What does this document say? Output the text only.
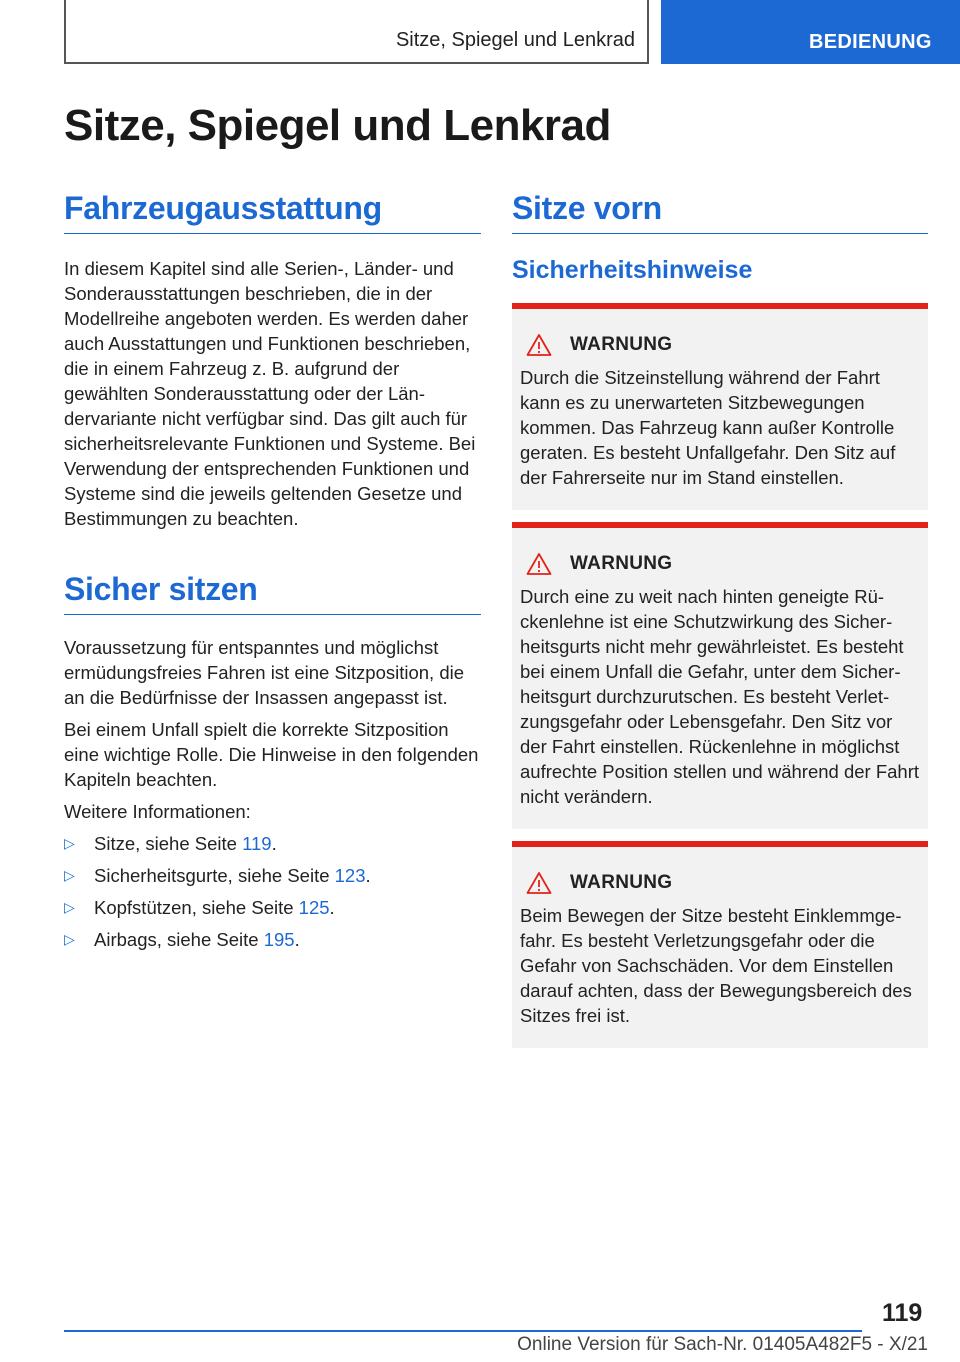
Sitze, Spiegel und Lenkrad	BEDIENUNG
Sitze, Spiegel und Lenkrad
Fahrzeugausstattung

In diesem Kapitel sind alle Serien-, Länder- und Sonderausstattungen beschrieben, die in der Modellreihe angeboten werden. Es werden daher auch Ausstattungen und Funktionen beschrieben, die in einem Fahrzeug z. B. aufgrund der gewählten Sonderausstattung oder der Ländervariante nicht verfügbar sind. Das gilt auch für sicherheitsrelevante Funktionen und Systeme. Bei Verwendung der entsprechenden Funktionen und Systeme sind die jeweils geltenden Gesetze und Bestimmungen zu beachten.

Sicher sitzen

Voraussetzung für entspanntes und möglichst ermüdungsfreies Fahren ist eine Sitzposition, die an die Bedürfnisse der Insassen angepasst ist.

Bei einem Unfall spielt die korrekte Sitzposition eine wichtige Rolle. Die Hinweise in den folgenden Kapiteln beachten.

Weitere Informationen:

▷ Sitze, siehe Seite 119.
▷ Sicherheitsgurte, siehe Seite 123.
▷ Kopfstützen, siehe Seite 125.
▷ Airbags, siehe Seite 195.
Sitze vorn
Sicherheitshinweise
WARNUNG

Durch die Sitzeinstellung während der Fahrt kann es zu unerwarteten Sitzbewegungen kommen. Das Fahrzeug kann außer Kontrolle geraten. Es besteht Unfallgefahr. Den Sitz auf der Fahrerseite nur im Stand einstellen.

WARNUNG

Durch eine zu weit nach hinten geneigte Rückenlehne ist eine Schutzwirkung des Sicherheitsgurts nicht mehr gewährleistet. Es besteht bei einem Unfall die Gefahr, unter dem Sicherheitsgurt durchzurutschen. Es besteht Verletzungsgefahr oder Lebensgefahr. Den Sitz vor der Fahrt einstellen. Rückenlehne in möglichst aufrechte Position stellen und während der Fahrt nicht verändern.

WARNUNG

Beim Bewegen der Sitze besteht Einklemmgefahr. Es besteht Verletzungsgefahr oder die Gefahr von Sachschäden. Vor dem Einstellen darauf achten, dass der Bewegungsbereich des Sitzes frei ist.

119
Online Version für Sach-Nr. 01405A482F5 - X/21
